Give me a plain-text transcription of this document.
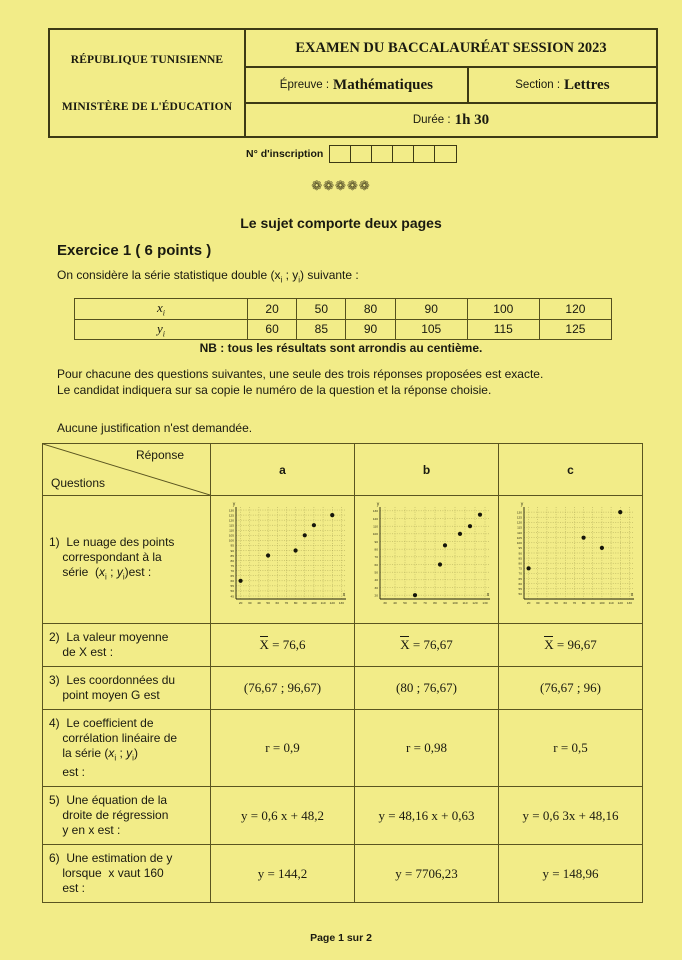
RÉPUBLIQUE TUNISIENNE
MINISTÈRE DE L'ÉDUCATION
EXAMEN DU BACCALAURÉAT SESSION 2023
Épreuve : Mathématiques	Section : Lettres
Durée : 1h 30
N° d'inscription
❁❁❁❁❁
Le sujet comporte deux pages
Exercice 1 ( 6 points )
On considère la série statistique double ($x_i$ ; $y_i$) suivante :
$x_i$	20	50	80	90	100	120
$y_i$	60	85	90	105	115	125
NB : tous les résultats sont arrondis au centième.
Pour chacune des questions suivantes, une seule des trois réponses proposées est exacte.
Le candidat indiquera sur sa copie le numéro de la question et la réponse choisie.
Aucune justification n'est demandée.
Réponse
Questions	a	b	c
1)  Le nuage des points
correspondant à la
série  ($x_i$ ; $y_i)est$ :	
45
50
55
60
65
70
75
80
85
90
95
100
105
110
115
120
125
130
20 30 40 50 60 70 80 90 100 110 120 130
y
x	20
30
40
50
60
70
80
90
100
110
120
130
30 40 50 60 70 80 90 100 110 120 130
y
x	50
55
60
65
70
75
80
85
90
95
100
105
110
115
120
125
130
20 30 40 50 60 70 80 90 100 110 120 130
y
x

2)  La valeur moyenne
de X est :	X = 76,6	X = 76,67	X = 96,67
3)  Les coordonnées du
point moyen G est	(76,67 ; 96,67)	(80 ; 76,67)	(76,67 ; 96)
4)  Le coefficient de
corrélation linéaire de
la série ($x_i$ ; $y_i$)
est :	r = 0,9	r = 0,98	r = 0,5
5)  Une équation de la
droite de régression
y en x est :	y = 0,6 x + 48,2	y = 48,16 x + 0,63	y = 0,6 3x + 48,16
6)  Une estimation de y
lorsque  x vaut 160
est :	y = 144,2	y = 7706,23	y = 148,96
Page 1 sur 2
